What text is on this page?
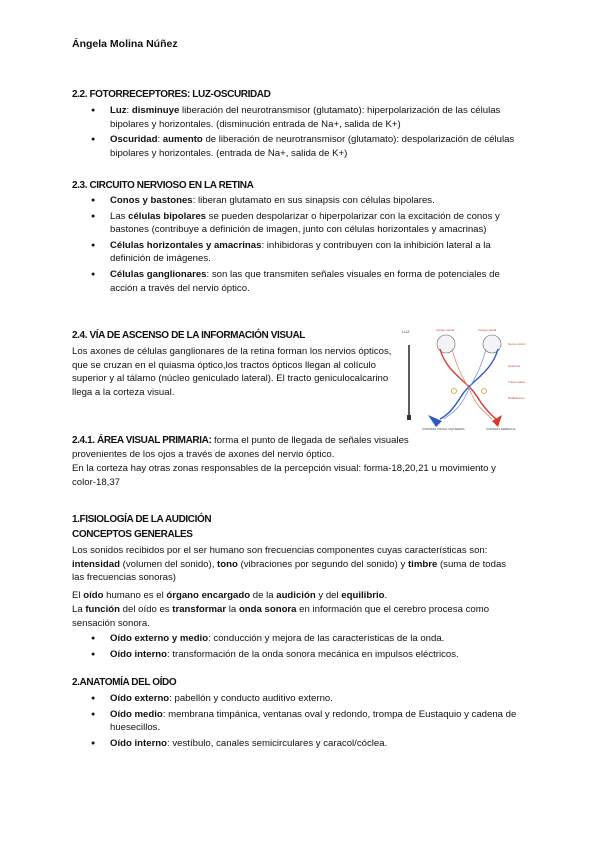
Ángela Molina Núñez
2.2. FOTORRECEPTORES: LUZ-OSCURIDAD
● Luz: disminuye liberación del neurotransmisor (glutamato): hiperpolarización de las células bipolares y horizontales. (disminución entrada de Na+, salida de K+)
● Oscuridad: aumento de liberación de neurotransmisor (glutamato): despolarización de células bipolares y horizontales. (entrada de Na+, salida de K+)
2.3. CIRCUITO NERVIOSO EN LA RETINA
● Conos y bastones: liberan glutamato en sus sinapsis con células bipolares.
● Las células bipolares se pueden despolarizar o hiperpolarizar con la excitación de conos y bastones (contribuye a definición de imagen, junto con células horizontales y amacrinas)
● Células horizontales y amacrinas: inhibidoras y contribuyen con la inhibición lateral a la definición de imágenes.
● Células ganglionares: son las que transmiten señales visuales en forma de potenciales de acción a través del nervio óptico.
2.4. VÍA DE ASCENSO DE LA INFORMACIÓN VISUAL
Los axones de células ganglionares de la retina forman los nervios ópticos, que se cruzan en el quiasma óptico,los tractos ópticos llegan al colículo superior y al tálamo (núcleo geniculado lateral). El tracto geniculocalcarino llega a la corteza visual.
LUZ	Campo visual	Campo visual
Nervio óptico
Quiasma
Tracto óptico
Radiaciones
CORTEZA VISUAL IZQUIERDA	CORTEZA DERECHA
2.4.1. ÁREA VISUAL PRIMARIA: forma el punto de llegada de señales visuales provenientes de los ojos a través de axones del nervio óptico.
En la corteza hay otras zonas responsables de la percepción visual: forma-18,20,21 u movimiento y color-18,37
1.FISIOLOGÍA DE LA AUDICIÓN
CONCEPTOS GENERALES
Los sonidos recibidos por el ser humano son frecuencias componentes cuyas características son: intensidad (volumen del sonido), tono (vibraciones por segundo del sonido) y timbre (suma de todas las frecuencias sonoras)
El oído humano es el órgano encargado de la audición y del equilibrio.
La función del oído es transformar la onda sonora en información que el cerebro procesa como sensación sonora.
● Oído externo y medio: conducción y mejora de las características de la onda.
● Oído interno: transformación de la onda sonora mecánica en impulsos eléctricos.
2.ANATOMÍA DEL OÍDO
● Oído externo: pabellón y conducto auditivo externo.
● Oído medio: membrana timpánica, ventanas oval y redondo, trompa de Eustaquio y cadena de huesecillos.
● Oído interno: vestíbulo, canales semicirculares y caracol/cóclea.
